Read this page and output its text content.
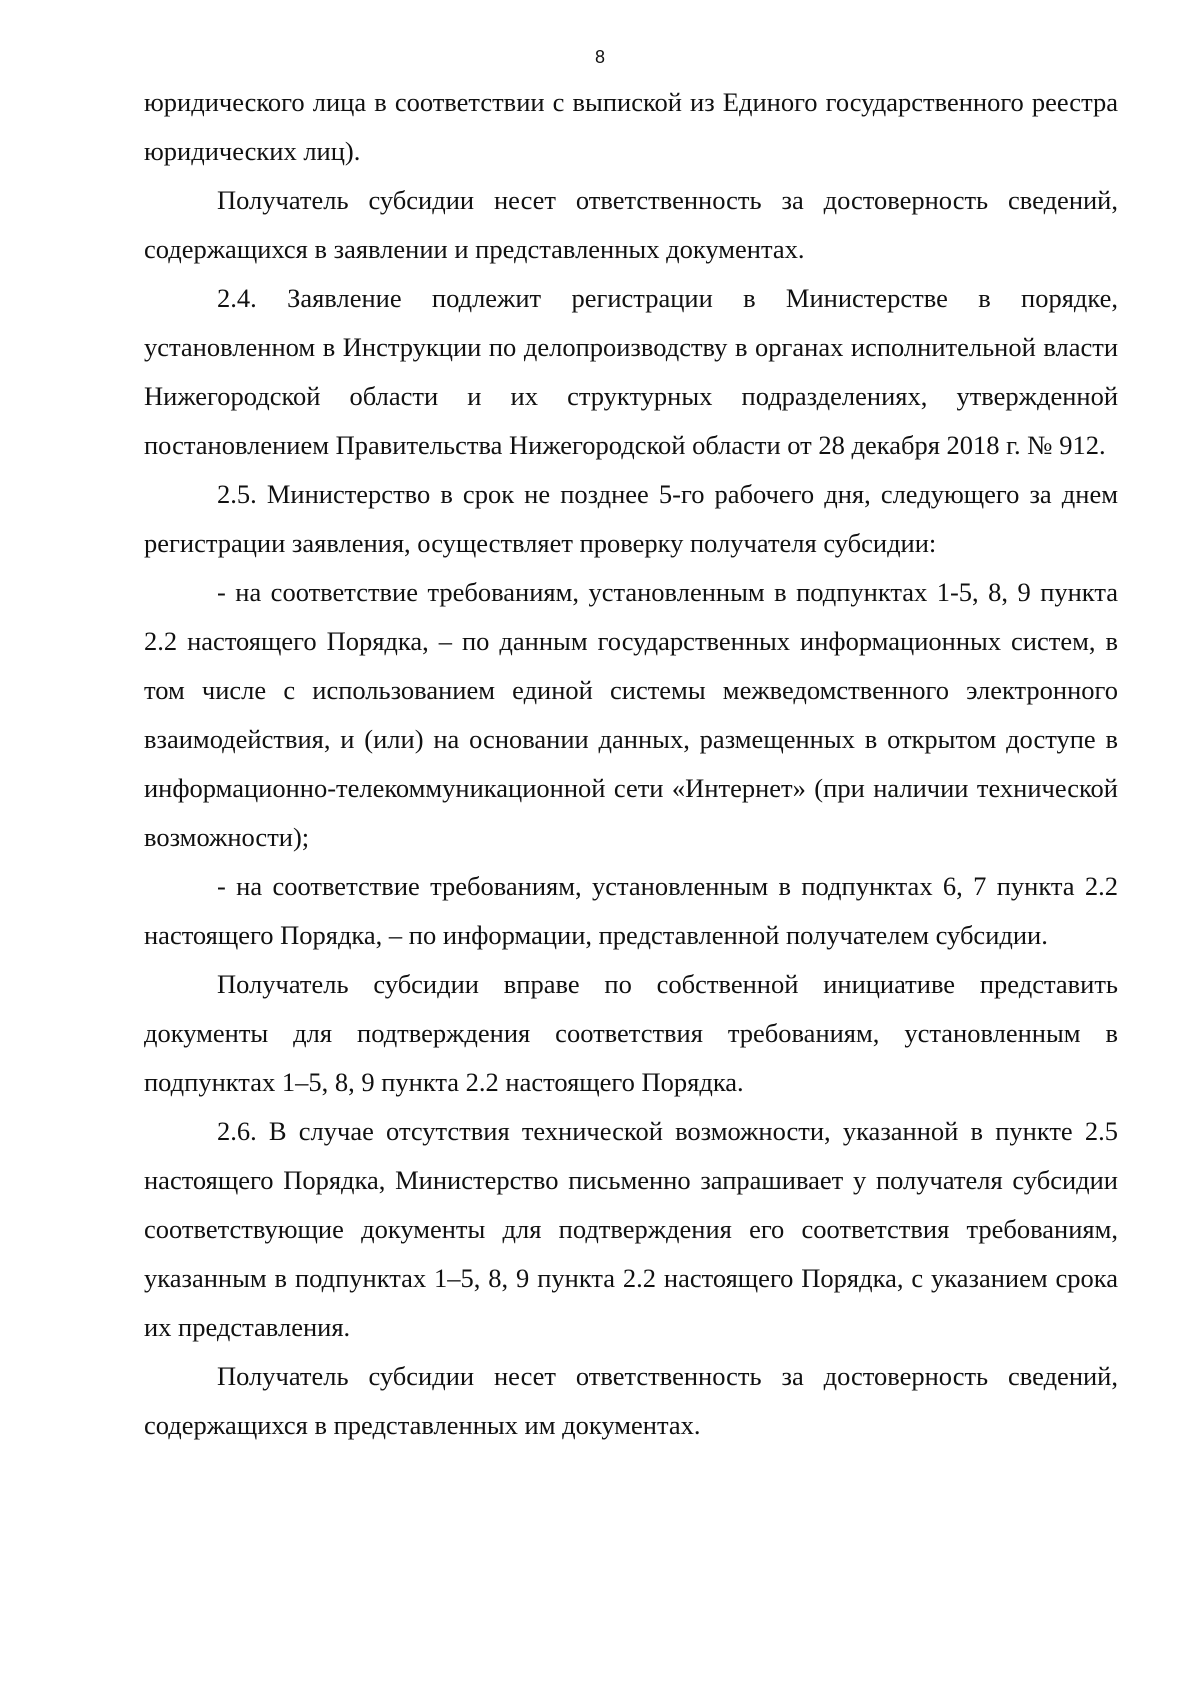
8

юридического лица в соответствии с выпиской из Единого государственного реестра юридических лиц).

Получатель субсидии несет ответственность за достоверность сведений, содержащихся в заявлении и представленных документах.

2.4. Заявление подлежит регистрации в Министерстве в порядке, установленном в Инструкции по делопроизводству в органах исполнительной власти Нижегородской области и их структурных подразделениях, утвержденной постановлением Правительства Нижегородской области от 28 декабря 2018 г. № 912.

2.5. Министерство в срок не позднее 5-го рабочего дня, следующего за днем регистрации заявления, осуществляет проверку получателя субсидии:

- на соответствие требованиям, установленным в подпунктах 1-5, 8, 9 пункта 2.2 настоящего Порядка, – по данным государственных информационных систем, в том числе с использованием единой системы межведомственного электронного взаимодействия, и (или) на основании данных, размещенных в открытом доступе в информационно-телекоммуникационной сети «Интернет» (при наличии технической возможности);

- на соответствие требованиям, установленным в подпунктах 6, 7 пункта 2.2 настоящего Порядка, – по информации, представленной получателем субсидии.

Получатель субсидии вправе по собственной инициативе представить документы для подтверждения соответствия требованиям, установленным в подпунктах 1–5, 8, 9 пункта 2.2 настоящего Порядка.

2.6. В случае отсутствия технической возможности, указанной в пункте 2.5 настоящего Порядка, Министерство письменно запрашивает у получателя субсидии соответствующие документы для подтверждения его соответствия требованиям, указанным в подпунктах 1–5, 8, 9 пункта 2.2 настоящего Порядка, с указанием срока их представления.

Получатель субсидии несет ответственность за достоверность сведений, содержащихся в представленных им документах.
